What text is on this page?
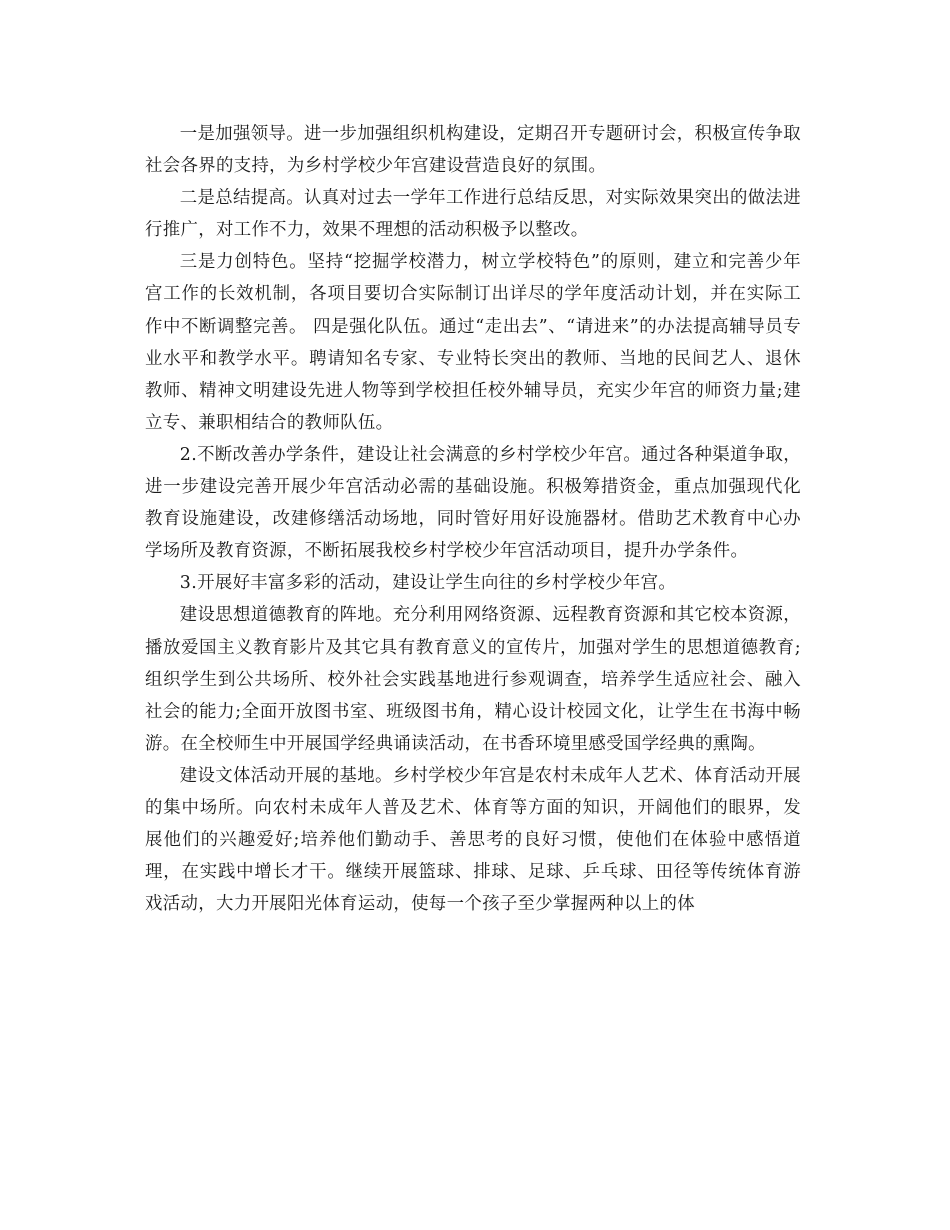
一是加强领导。进一步加强组织机构建设，定期召开专题研讨会，积极宣传争取社会各界的支持，为乡村学校少年宫建设营造良好的氛围。

二是总结提高。认真对过去一学年工作进行总结反思，对实际效果突出的做法进行推广，对工作不力，效果不理想的活动积极予以整改。

三是力创特色。坚持“挖掘学校潜力，树立学校特色”的原则，建立和完善少年宫工作的长效机制，各项目要切合实际制订出详尽的学年度活动计划，并在实际工作中不断调整完善。 四是强化队伍。通过“走出去”、“请进来”的办法提高辅导员专业水平和教学水平。聘请知名专家、专业特长突出的教师、当地的民间艺人、退休教师、精神文明建设先进人物等到学校担任校外辅导员，充实少年宫的师资力量;建立专、兼职相结合的教师队伍。

2.不断改善办学条件，建设让社会满意的乡村学校少年宫。通过各种渠道争取，进一步建设完善开展少年宫活动必需的基础设施。积极筹措资金，重点加强现代化教育设施建设，改建修缮活动场地，同时管好用好设施器材。借助艺术教育中心办学场所及教育资源，不断拓展我校乡村学校少年宫活动项目，提升办学条件。

3.开展好丰富多彩的活动，建设让学生向往的乡村学校少年宫。

建设思想道德教育的阵地。充分利用网络资源、远程教育资源和其它校本资源，播放爱国主义教育影片及其它具有教育意义的宣传片，加强对学生的思想道德教育;组织学生到公共场所、校外社会实践基地进行参观调查，培养学生适应社会、融入社会的能力;全面开放图书室、班级图书角，精心设计校园文化，让学生在书海中畅游。在全校师生中开展国学经典诵读活动，在书香环境里感受国学经典的熏陶。

建设文体活动开展的基地。乡村学校少年宫是农村未成年人艺术、体育活动开展的集中场所。向农村未成年人普及艺术、体育等方面的知识，开阔他们的眼界，发展他们的兴趣爱好;培养他们勤动手、善思考的良好习惯，使他们在体验中感悟道理，在实践中增长才干。继续开展篮球、排球、足球、乒乓球、田径等传统体育游戏活动，大力开展阳光体育运动，使每一个孩子至少掌握两种以上的体
